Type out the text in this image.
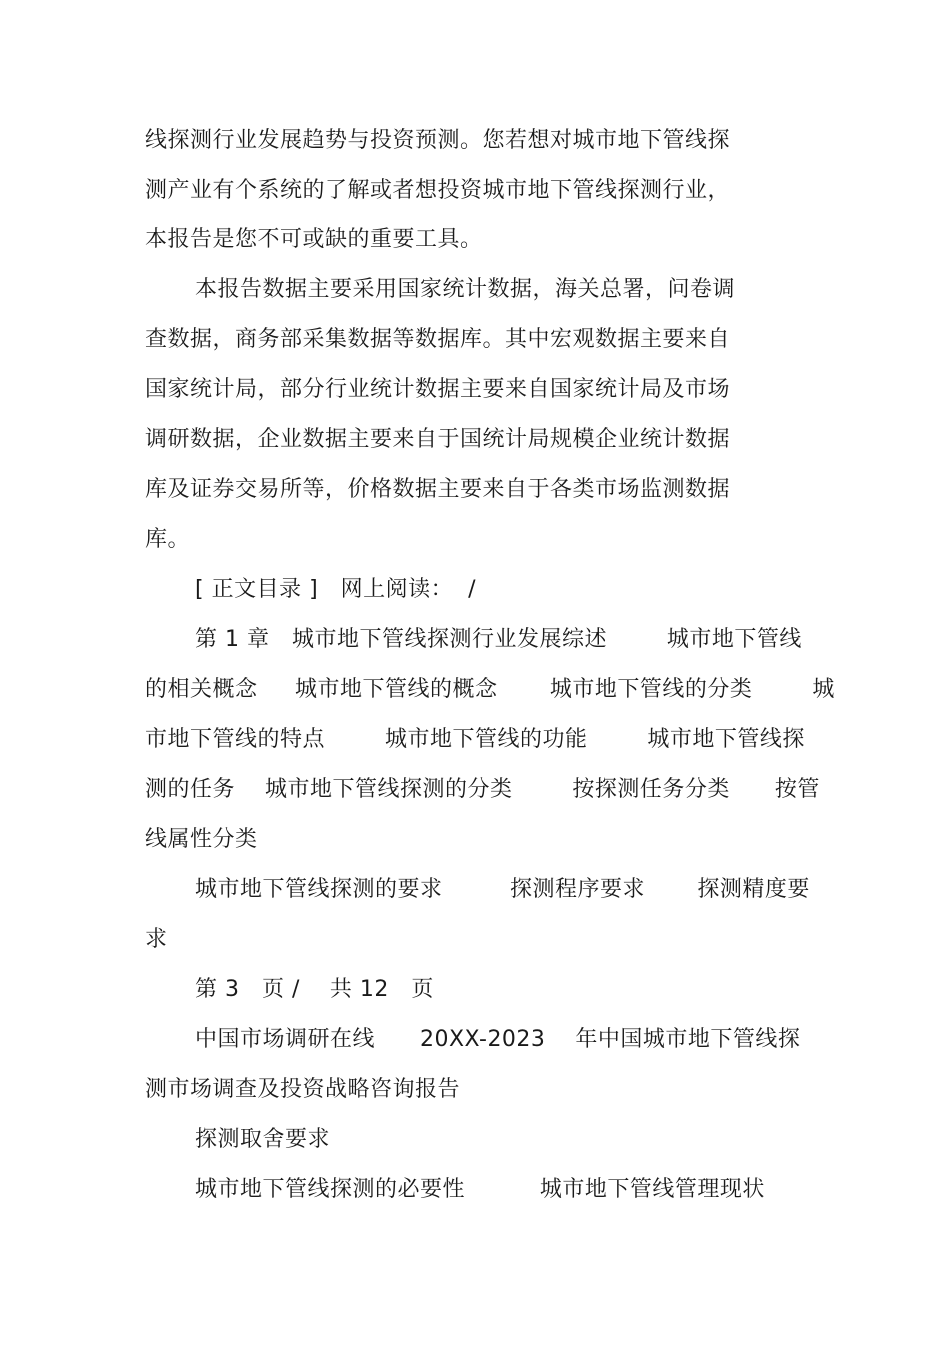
线探测行业发展趋势与投资预测。您若想对城市地下管线探
测产业有个系统的了解或者想投资城市地下管线探测行业，
本报告是您不可或缺的重要工具。
本报告数据主要采用国家统计数据，海关总署，问卷调
查数据，商务部采集数据等数据库。其中宏观数据主要来自
国家统计局，部分行业统计数据主要来自国家统计局及市场
调研数据，企业数据主要来自于国统计局规模企业统计数据
库及证券交易所等，价格数据主要来自于各类市场监测数据
库。
[ 正文目录 ]   网上阅读：  /
第 1 章   城市地下管线探测行业发展综述        城市地下管线
的相关概念     城市地下管线的概念       城市地下管线的分类        城
市地下管线的特点        城市地下管线的功能        城市地下管线探
测的任务    城市地下管线探测的分类        按探测任务分类      按管
线属性分类
城市地下管线探测的要求         探测程序要求       探测精度要
求
第 3   页 /    共 12   页
中国市场调研在线      20XX-2023    年中国城市地下管线探
测市场调查及投资战略咨询报告
探测取舍要求
城市地下管线探测的必要性          城市地下管线管理现状
